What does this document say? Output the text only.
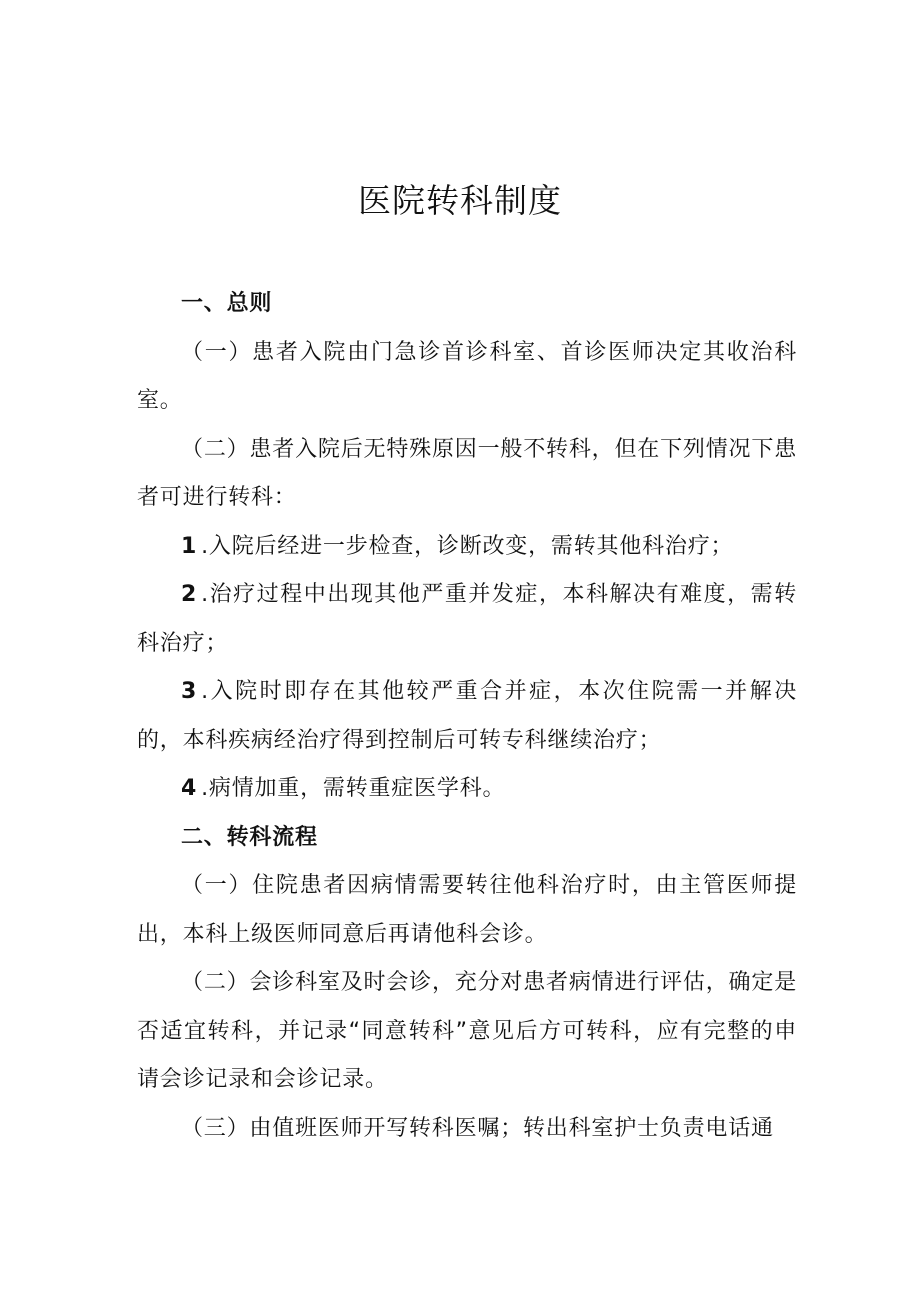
医院转科制度

一、总则

（一）患者入院由门急诊首诊科室、首诊医师决定其收治科室。

（二）患者入院后无特殊原因一般不转科，但在下列情况下患者可进行转科：

1 .入院后经进一步检查，诊断改变，需转其他科治疗；

2 .治疗过程中出现其他严重并发症，本科解决有难度，需转科治疗；

3 .入院时即存在其他较严重合并症，本次住院需一并解决的，本科疾病经治疗得到控制后可转专科继续治疗；

4 .病情加重，需转重症医学科。

二、转科流程

（一）住院患者因病情需要转往他科治疗时，由主管医师提出，本科上级医师同意后再请他科会诊。

（二）会诊科室及时会诊，充分对患者病情进行评估，确定是否适宜转科，并记录“同意转科”意见后方可转科，应有完整的申请会诊记录和会诊记录。

（三）由值班医师开写转科医嘱；转出科室护士负责电话通
